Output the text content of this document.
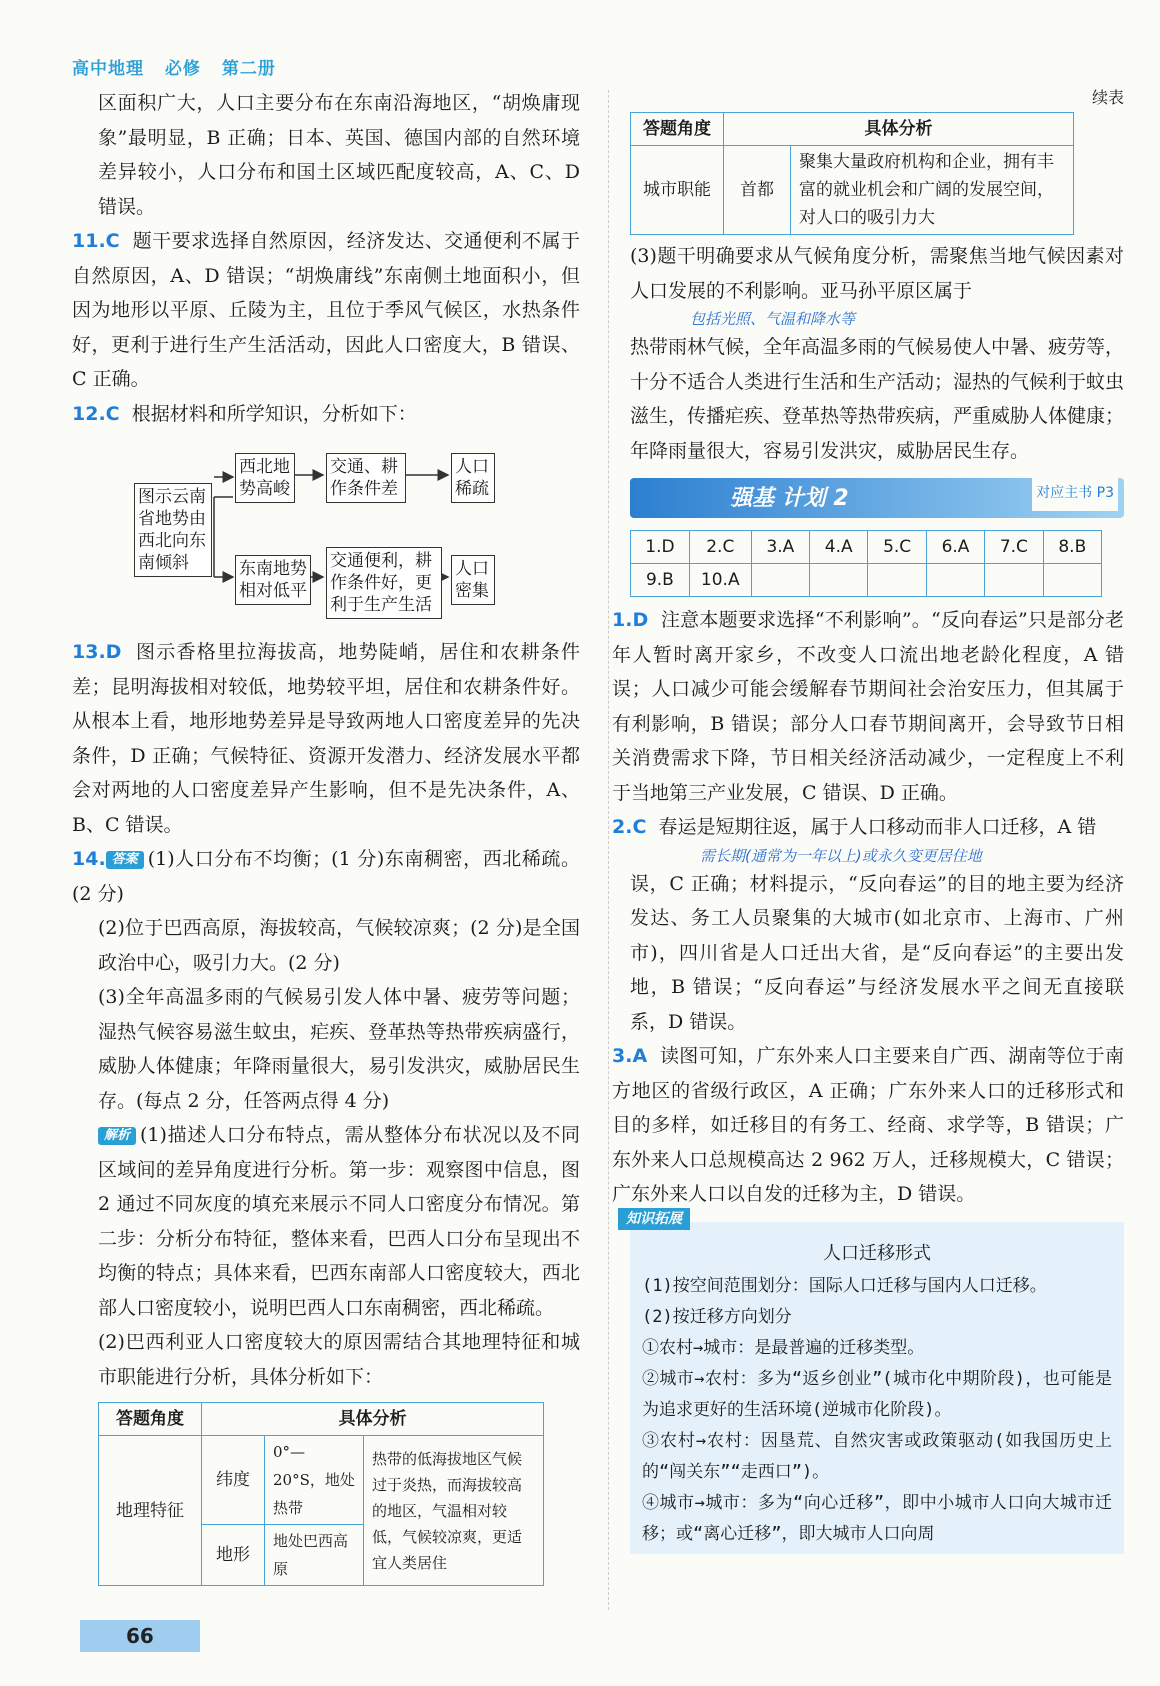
高中地理 必修 第二册

区面积广大，人口主要分布在东南沿海地区，“胡焕庸现象”最明显，B 正确；日本、英国、德国内部的自然环境差异较小，人口分布和国土区域匹配度较高，A、C、D 错误。

11.C 题干要求选择自然原因，经济发达、交通便利不属于自然原因，A、D 错误；“胡焕庸线”东南侧土地面积小，但因为地形以平原、丘陵为主，且位于季风气候区，水热条件好，更利于进行生产生活活动，因此人口密度大，B 错误、C 正确。

12.C 根据材料和所学知识，分析如下：

图示云南省地势由西北向东南倾斜
西北地势高峻
交通、耕作条件差
人口稀疏
东南地势相对低平
交通便利，耕作条件好，更利于生产生活
人口密集

13.D 图示香格里拉海拔高，地势陡峭，居住和农耕条件差；昆明海拔相对较低，地势较平坦，居住和农耕条件好。从根本上看，地形地势差异是导致两地人口密度差异的先决条件，D 正确；气候特征、资源开发潜力、经济发展水平都会对两地的人口密度差异产生影响，但不是先决条件，A、B、C 错误。

14. 答案 (1)人口分布不均衡；(1 分)东南稠密，西北稀疏。(2 分)

(2)位于巴西高原，海拔较高，气候较凉爽；(2 分)是全国政治中心，吸引力大。(2 分)

(3)全年高温多雨的气候易引发人体中暑、疲劳等问题；湿热气候容易滋生蚊虫，疟疾、登革热等热带疾病盛行，威胁人体健康；年降雨量很大，易引发洪灾，威胁居民生存。(每点 2 分，任答两点得 4 分)

解析 (1)描述人口分布特点，需从整体分布状况以及不同区域间的差异角度进行分析。第一步：观察图中信息，图 2 通过不同灰度的填充来展示不同人口密度分布情况。第二步：分析分布特征，整体来看，巴西人口分布呈现出不均衡的特点；具体来看，巴西东南部人口密度较大，西北部人口密度较小，说明巴西人口东南稠密，西北稀疏。

(2)巴西利亚人口密度较大的原因需结合其地理特征和城市职能进行分析，具体分析如下：

答题角度	具体分析		
地理特征	纬度	0°—20°S，地处热带	热带的低海拔地区气候过于炎热，而海拔较高的地区，气温相对较低，气候较凉爽，更适宜人类居住
	地形	地处巴西高原	
续表
答题角度	具体分析	
城市职能	首都	聚集大量政府机构和企业，拥有丰富的就业机会和广阔的发展空间，对人口的吸引力大

(3)题干明确要求从气候角度分析，需聚焦当地气候因素对人口发展的不利影响。亚马孙平原区属于

包括光照、气温和降水等

热带雨林气候，全年高温多雨的气候易使人中暑、疲劳等，十分不适合人类进行生活和生产活动；湿热的气候利于蚊虫滋生，传播疟疾、登革热等热带疾病，严重威胁人体健康；年降雨量很大，容易引发洪灾，威胁居民生存。

强基 计划 2	对应主书 P3
1.D	2.C	3.A	4.A	5.C	6.A	7.C	8.B
9.B	10.A						

1.D 注意本题要求选择“不利影响”。“反向春运”只是部分老年人暂时离开家乡，不改变人口流出地老龄化程度，A 错误；人口减少可能会缓解春节期间社会治安压力，但其属于有利影响，B 错误；部分人口春节期间离开，会导致节日相关消费需求下降，节日相关经济活动减少，一定程度上不利于当地第三产业发展，C 错误、D 正确。

2.C 春运是短期往返，属于人口移动而非人口迁移，A 错

需长期(通常为一年以上)或永久变更居住地

误，C 正确；材料提示，“反向春运”的目的地主要为经济发达、务工人员聚集的大城市(如北京市、上海市、广州市)，四川省是人口迁出大省，是“反向春运”的主要出发地，B 错误；“反向春运”与经济发展水平之间无直接联系，D 错误。

3.A 读图可知，广东外来人口主要来自广西、湖南等位于南方地区的省级行政区，A 正确；广东外来人口的迁移形式和目的多样，如迁移目的有务工、经商、求学等，B 错误；广东外来人口总规模高达 2 962 万人，迁移规模大，C 错误；广东外来人口以自发的迁移为主，D 错误。

知识拓展
人口迁移形式

(1)按空间范围划分：国际人口迁移与国内人口迁移。

(2)按迁移方向划分

①农村→城市：是最普遍的迁移类型。

②城市→农村：多为“返乡创业”(城市化中期阶段)，也可能是为追求更好的生活环境(逆城市化阶段)。

③农村→农村：因垦荒、自然灾害或政策驱动(如我国历史上的“闯关东”“走西口”)。

④城市→城市：多为“向心迁移”，即中小城市人口向大城市迁移；或“离心迁移”，即大城市人口向周

66
